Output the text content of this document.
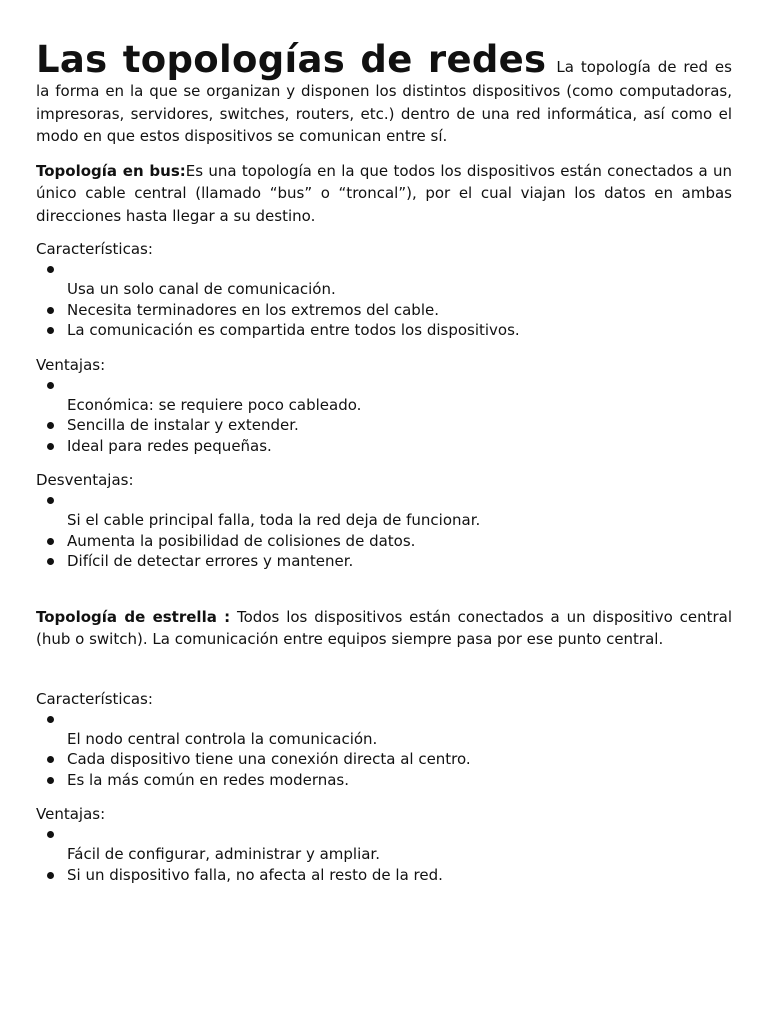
Las topologías de redes La topología de red es la forma en la que se organizan y disponen los distintos dispositivos (como computadoras, impresoras, servidores, switches, routers, etc.) dentro de una red informática, así como el modo en que estos dispositivos se comunican entre sí.

Topología en bus:Es una topología en la que todos los dispositivos están conectados a un único cable central (llamado “bus” o “troncal”), por el cual viajan los datos en ambas direcciones hasta llegar a su destino.

Características:

Usa un solo canal de comunicación.
Necesita terminadores en los extremos del cable.
La comunicación es compartida entre todos los dispositivos.

Ventajas:

Económica: se requiere poco cableado.
Sencilla de instalar y extender.
Ideal para redes pequeñas.

Desventajas:

Si el cable principal falla, toda la red deja de funcionar.
Aumenta la posibilidad de colisiones de datos.
Difícil de detectar errores y mantener.

Topología de estrella : Todos los dispositivos están conectados a un dispositivo central (hub o switch). La comunicación entre equipos siempre pasa por ese punto central.

Características:

El nodo central controla la comunicación.
Cada dispositivo tiene una conexión directa al centro.
Es la más común en redes modernas.

Ventajas:

Fácil de configurar, administrar y ampliar.
Si un dispositivo falla, no afecta al resto de la red.
